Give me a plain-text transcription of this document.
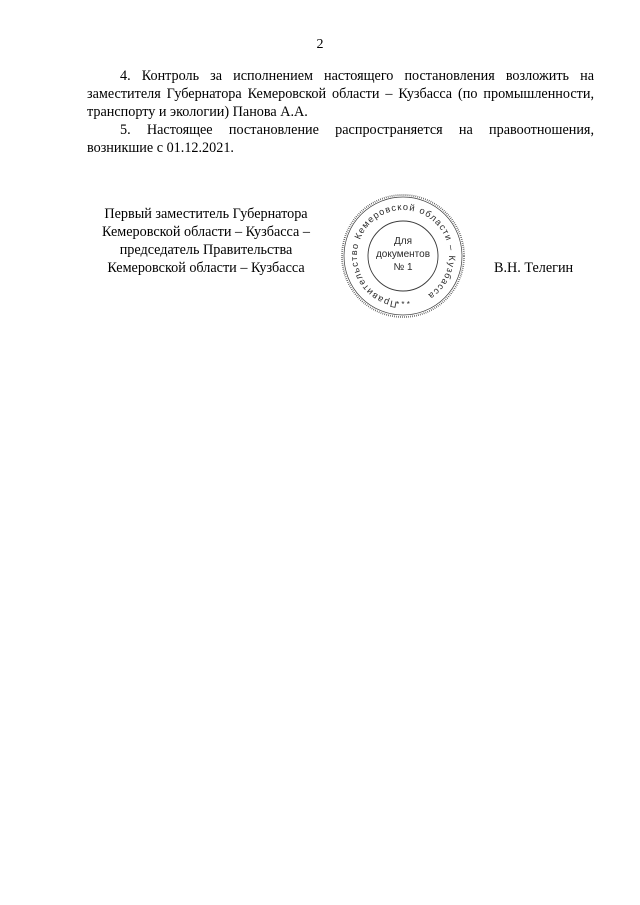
2

4. Контроль за исполнением настоящего постановления возложить на заместителя Губернатора Кемеровской области – Кузбасса (по промышленности, транспорту и экологии) Панова А.А.

5. Настоящее постановление распространяется на правоотношения, возникшие с 01.12.2021.

Первый заместитель Губернатора
Кемеровской области – Кузбасса –
председатель Правительства
Кемеровской области – Кузбасса
Правительство Кемеровской области – Кузбасса
* * *
Для
документов
№ 1	В.Н. Телегин
